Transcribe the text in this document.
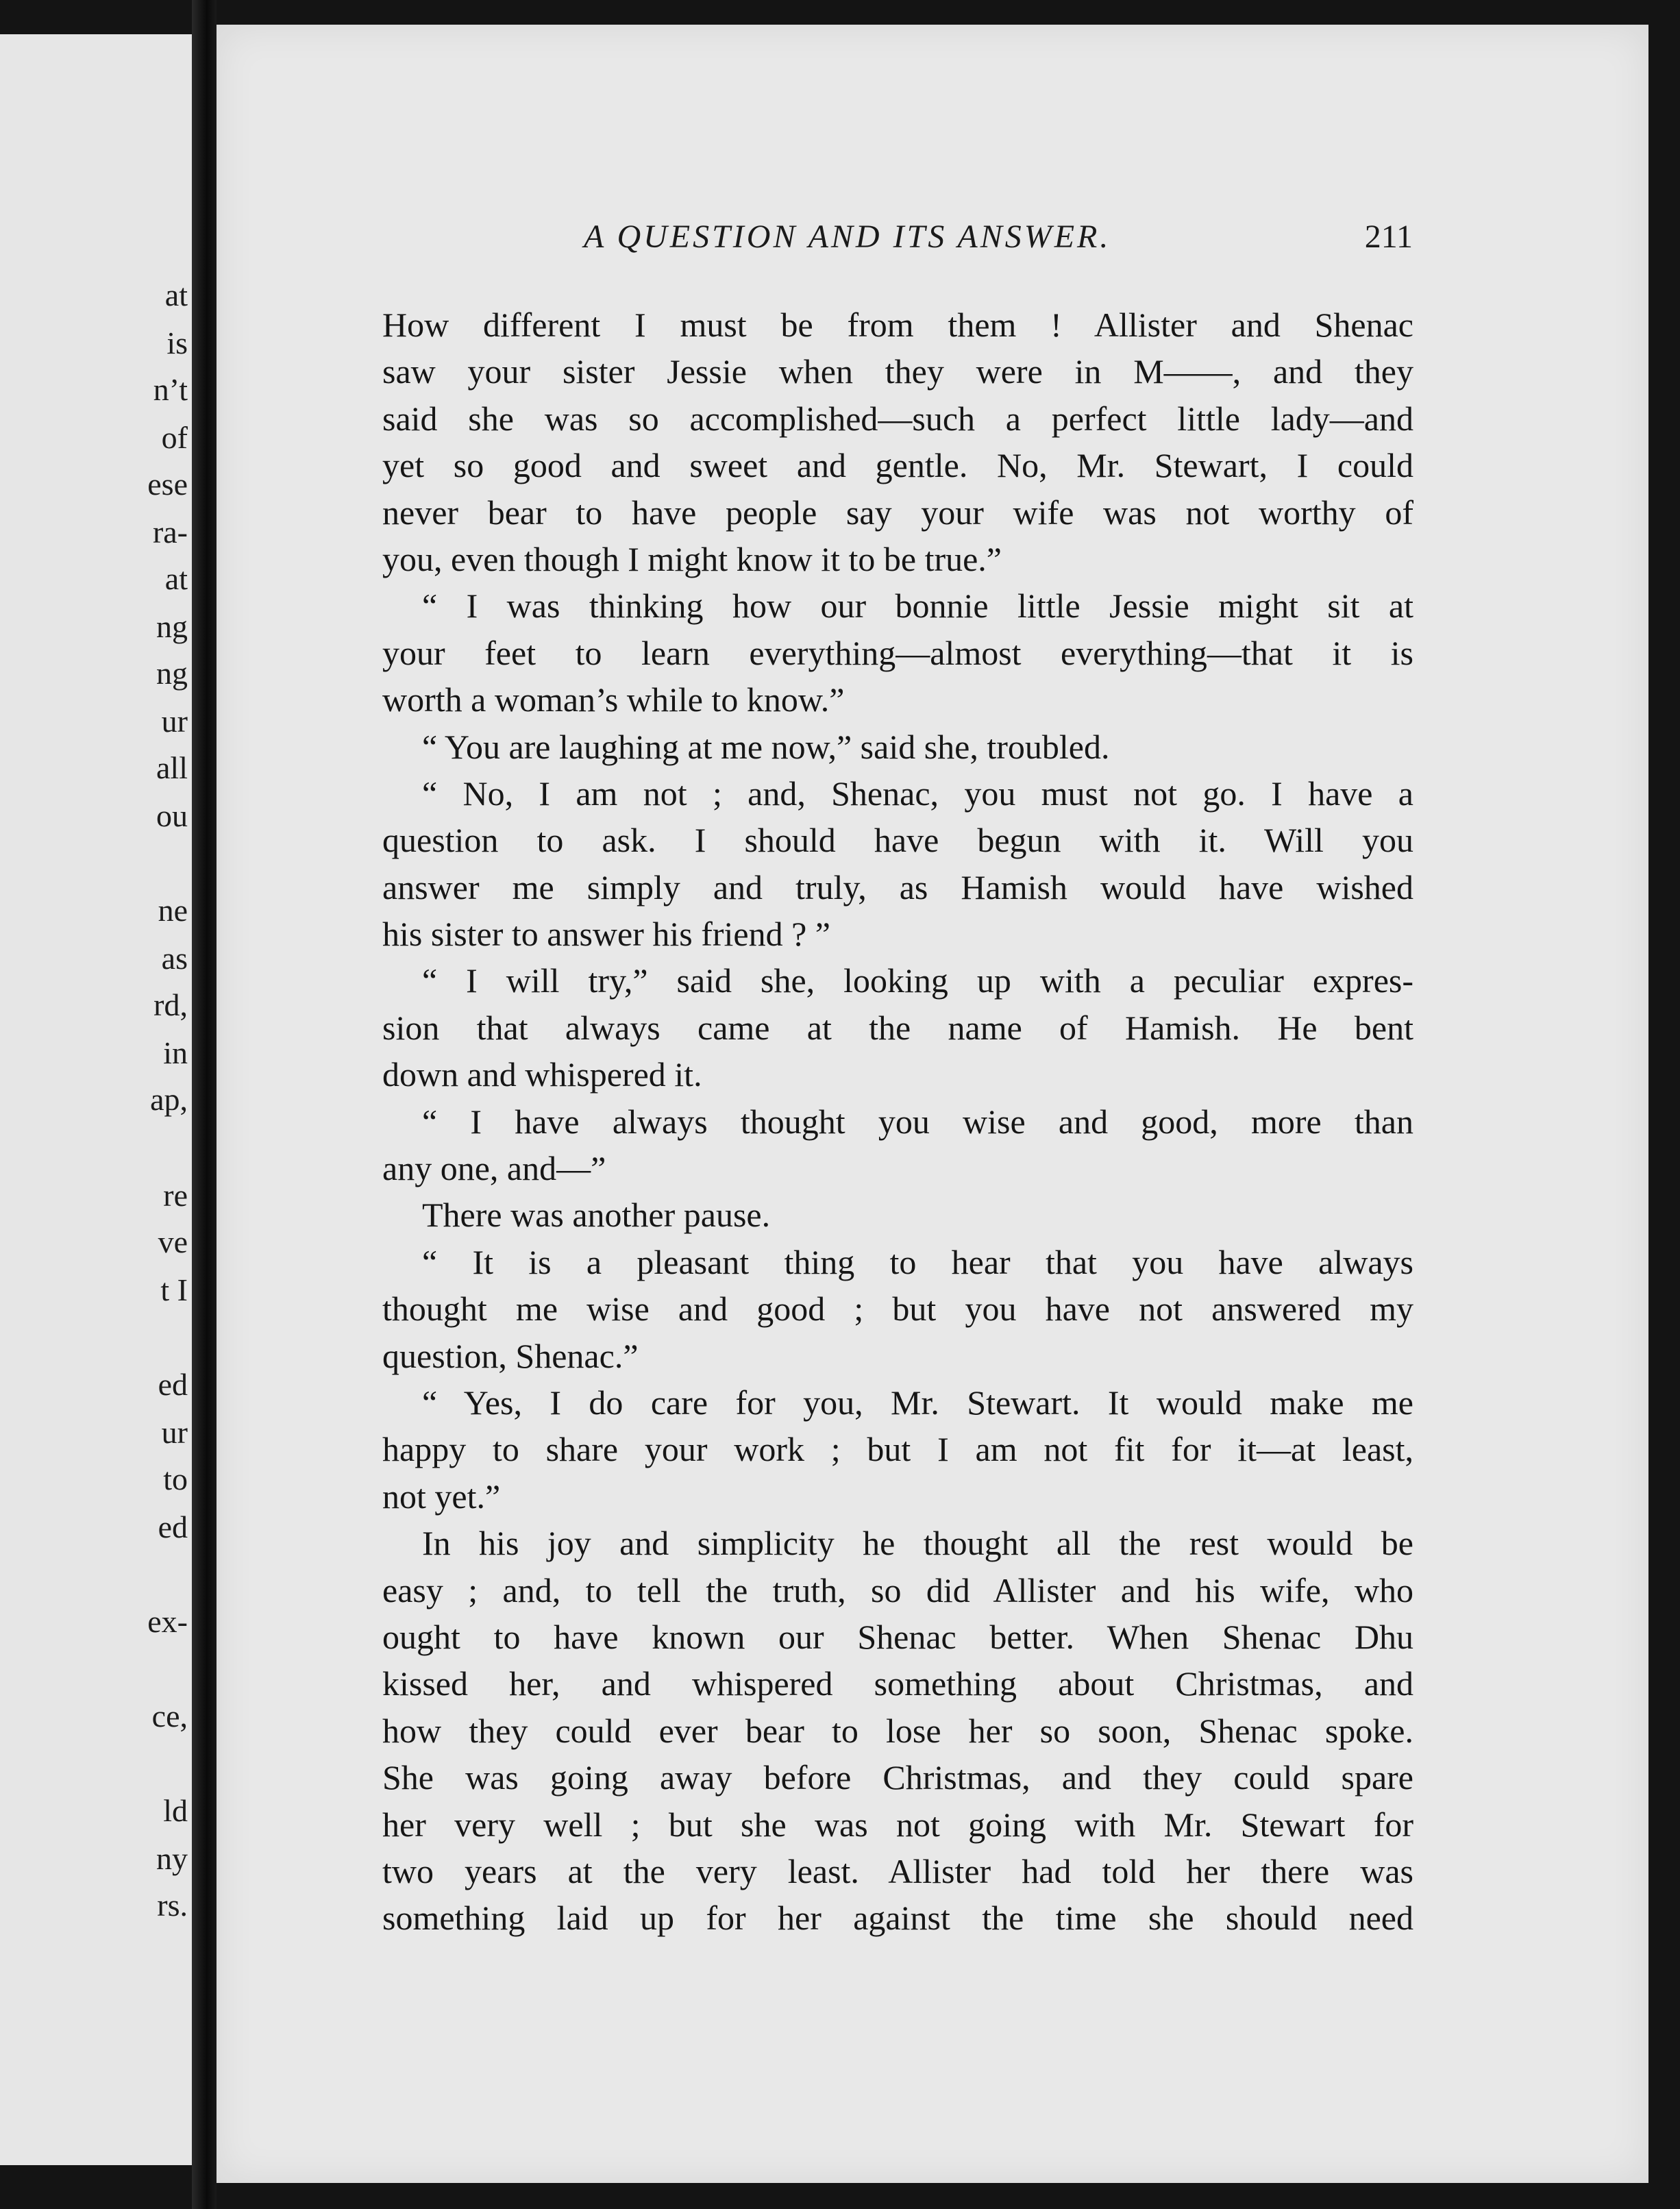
at
is
n’t
of
ese
ra-
at
ng
ng
ur
all
ou
ne
as
rd,
in
ap,
re
ve
t I
ed
ur
to
ed
ex-
ce,
ld
ny
rs.
A QUESTION AND ITS ANSWER.	211
How different I must be from them ! Allister and Shenac
saw your sister Jessie when they were in M——, and they
said she was so accomplished—such a perfect little lady—and
yet so good and sweet and gentle. No, Mr. Stewart, I could
never bear to have people say your wife was not worthy of
you, even though I might know it to be true.”
“ I was thinking how our bonnie little Jessie might sit at
your feet to learn everything—almost everything—that it is
worth a woman’s while to know.”
“ You are laughing at me now,” said she, troubled.
“ No, I am not ; and, Shenac, you must not go. I have a
question to ask. I should have begun with it. Will you
answer me simply and truly, as Hamish would have wished
his sister to answer his friend ? ”
“ I will try,” said she, looking up with a peculiar expres-
sion that always came at the name of Hamish. He bent
down and whispered it.
“ I have always thought you wise and good, more than
any one, and—”
There was another pause.
“ It is a pleasant thing to hear that you have always
thought me wise and good ; but you have not answered my
question, Shenac.”
“ Yes, I do care for you, Mr. Stewart. It would make me
happy to share your work ; but I am not fit for it—at least,
not yet.”
In his joy and simplicity he thought all the rest would be
easy ; and, to tell the truth, so did Allister and his wife, who
ought to have known our Shenac better. When Shenac Dhu
kissed her, and whispered something about Christmas, and
how they could ever bear to lose her so soon, Shenac spoke.
She was going away before Christmas, and they could spare
her very well ; but she was not going with Mr. Stewart for
two years at the very least. Allister had told her there was
something laid up for her against the time she should need
